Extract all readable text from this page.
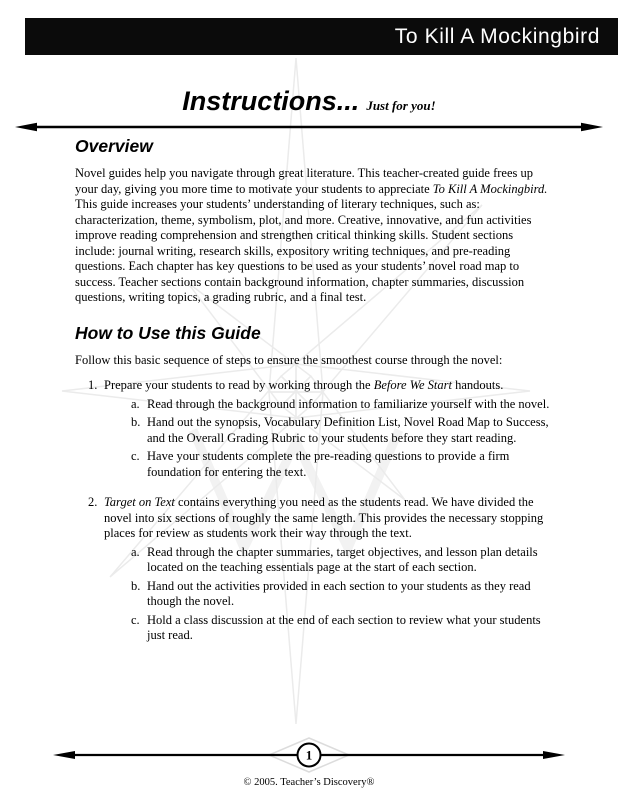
To Kill A Mockingbird
Instructions... Just for you!
Overview

Novel guides help you navigate through great literature. This teacher-created guide frees up your day, giving you more time to motivate your students to appreciate To Kill A Mockingbird. This guide increases your students’ understanding of literary techniques, such as: characterization, theme, symbolism, plot, and more. Creative, innovative, and fun activities improve reading comprehension and strengthen critical thinking skills. Student sections include: journal writing, research skills, expository writing techniques, and pre-reading questions. Each chapter has key questions to be used as your students’ novel road map to success. Teacher sections contain background information, chapter summaries, discussion questions, writing topics, a grading rubric, and a final test.

How to Use this Guide

Follow this basic sequence of steps to ensure the smoothest course through the novel:

1. Prepare your students to read by working through the Before We Start handouts.

a. Read through the background information to familiarize yourself with the novel.
b. Hand out the synopsis, Vocabulary Definition List, Novel Road Map to Success, and the Overall Grading Rubric to your students before they start reading.
c. Have your students complete the pre-reading questions to provide a firm foundation for entering the text.
2. Target on Text contains everything you need as the students read. We have divided the novel into six sections of roughly the same length. This provides the necessary stopping places for review as students work their way through the text.

a. Read through the chapter summaries, target objectives, and lesson plan details located on the teaching essentials page at the start of each section.
b. Hand out the activities provided in each section to your students as they read though the novel.
c. Hold a class discussion at the end of each section to review what your students just read.
1
© 2005. Teacher’s Discovery®
